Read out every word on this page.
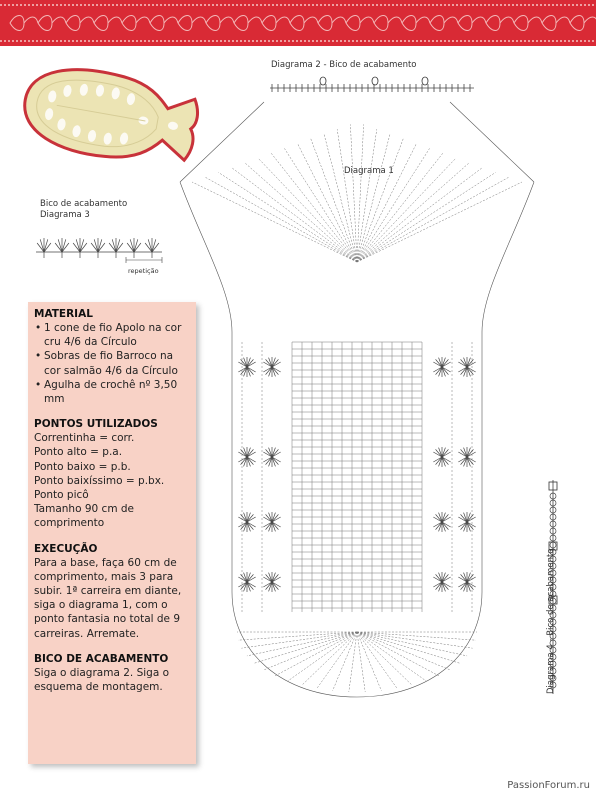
Diagrama 2 - Bico de acabamento
Diagrama 1
Bico de acabamento
Diagrama 3
repetição
Diagrama 4 - Bico de acabamento
MATERIAL
• 1 cone de fio Apolo na cor cru 4/6 da Círculo
• Sobras de fio Barroco na cor salmão 4/6 da Círculo
• Agulha de crochê nº 3,50 mm
PONTOS UTILIZADOS

Correntinha = corr.

Ponto alto = p.a.

Ponto baixo = p.b.

Ponto baixíssimo = p.bx.

Ponto picô

Tamanho 90 cm de comprimento

EXECUÇÃO

Para a base, faça 60 cm de comprimento, mais 3 para subir. 1ª carreira em diante, siga o diagrama 1, com o ponto fantasia no total de 9 carreiras. Arremate.

BICO DE ACABAMENTO

Siga o diagrama 2. Siga o esquema de montagem.

PassionForum.ru
